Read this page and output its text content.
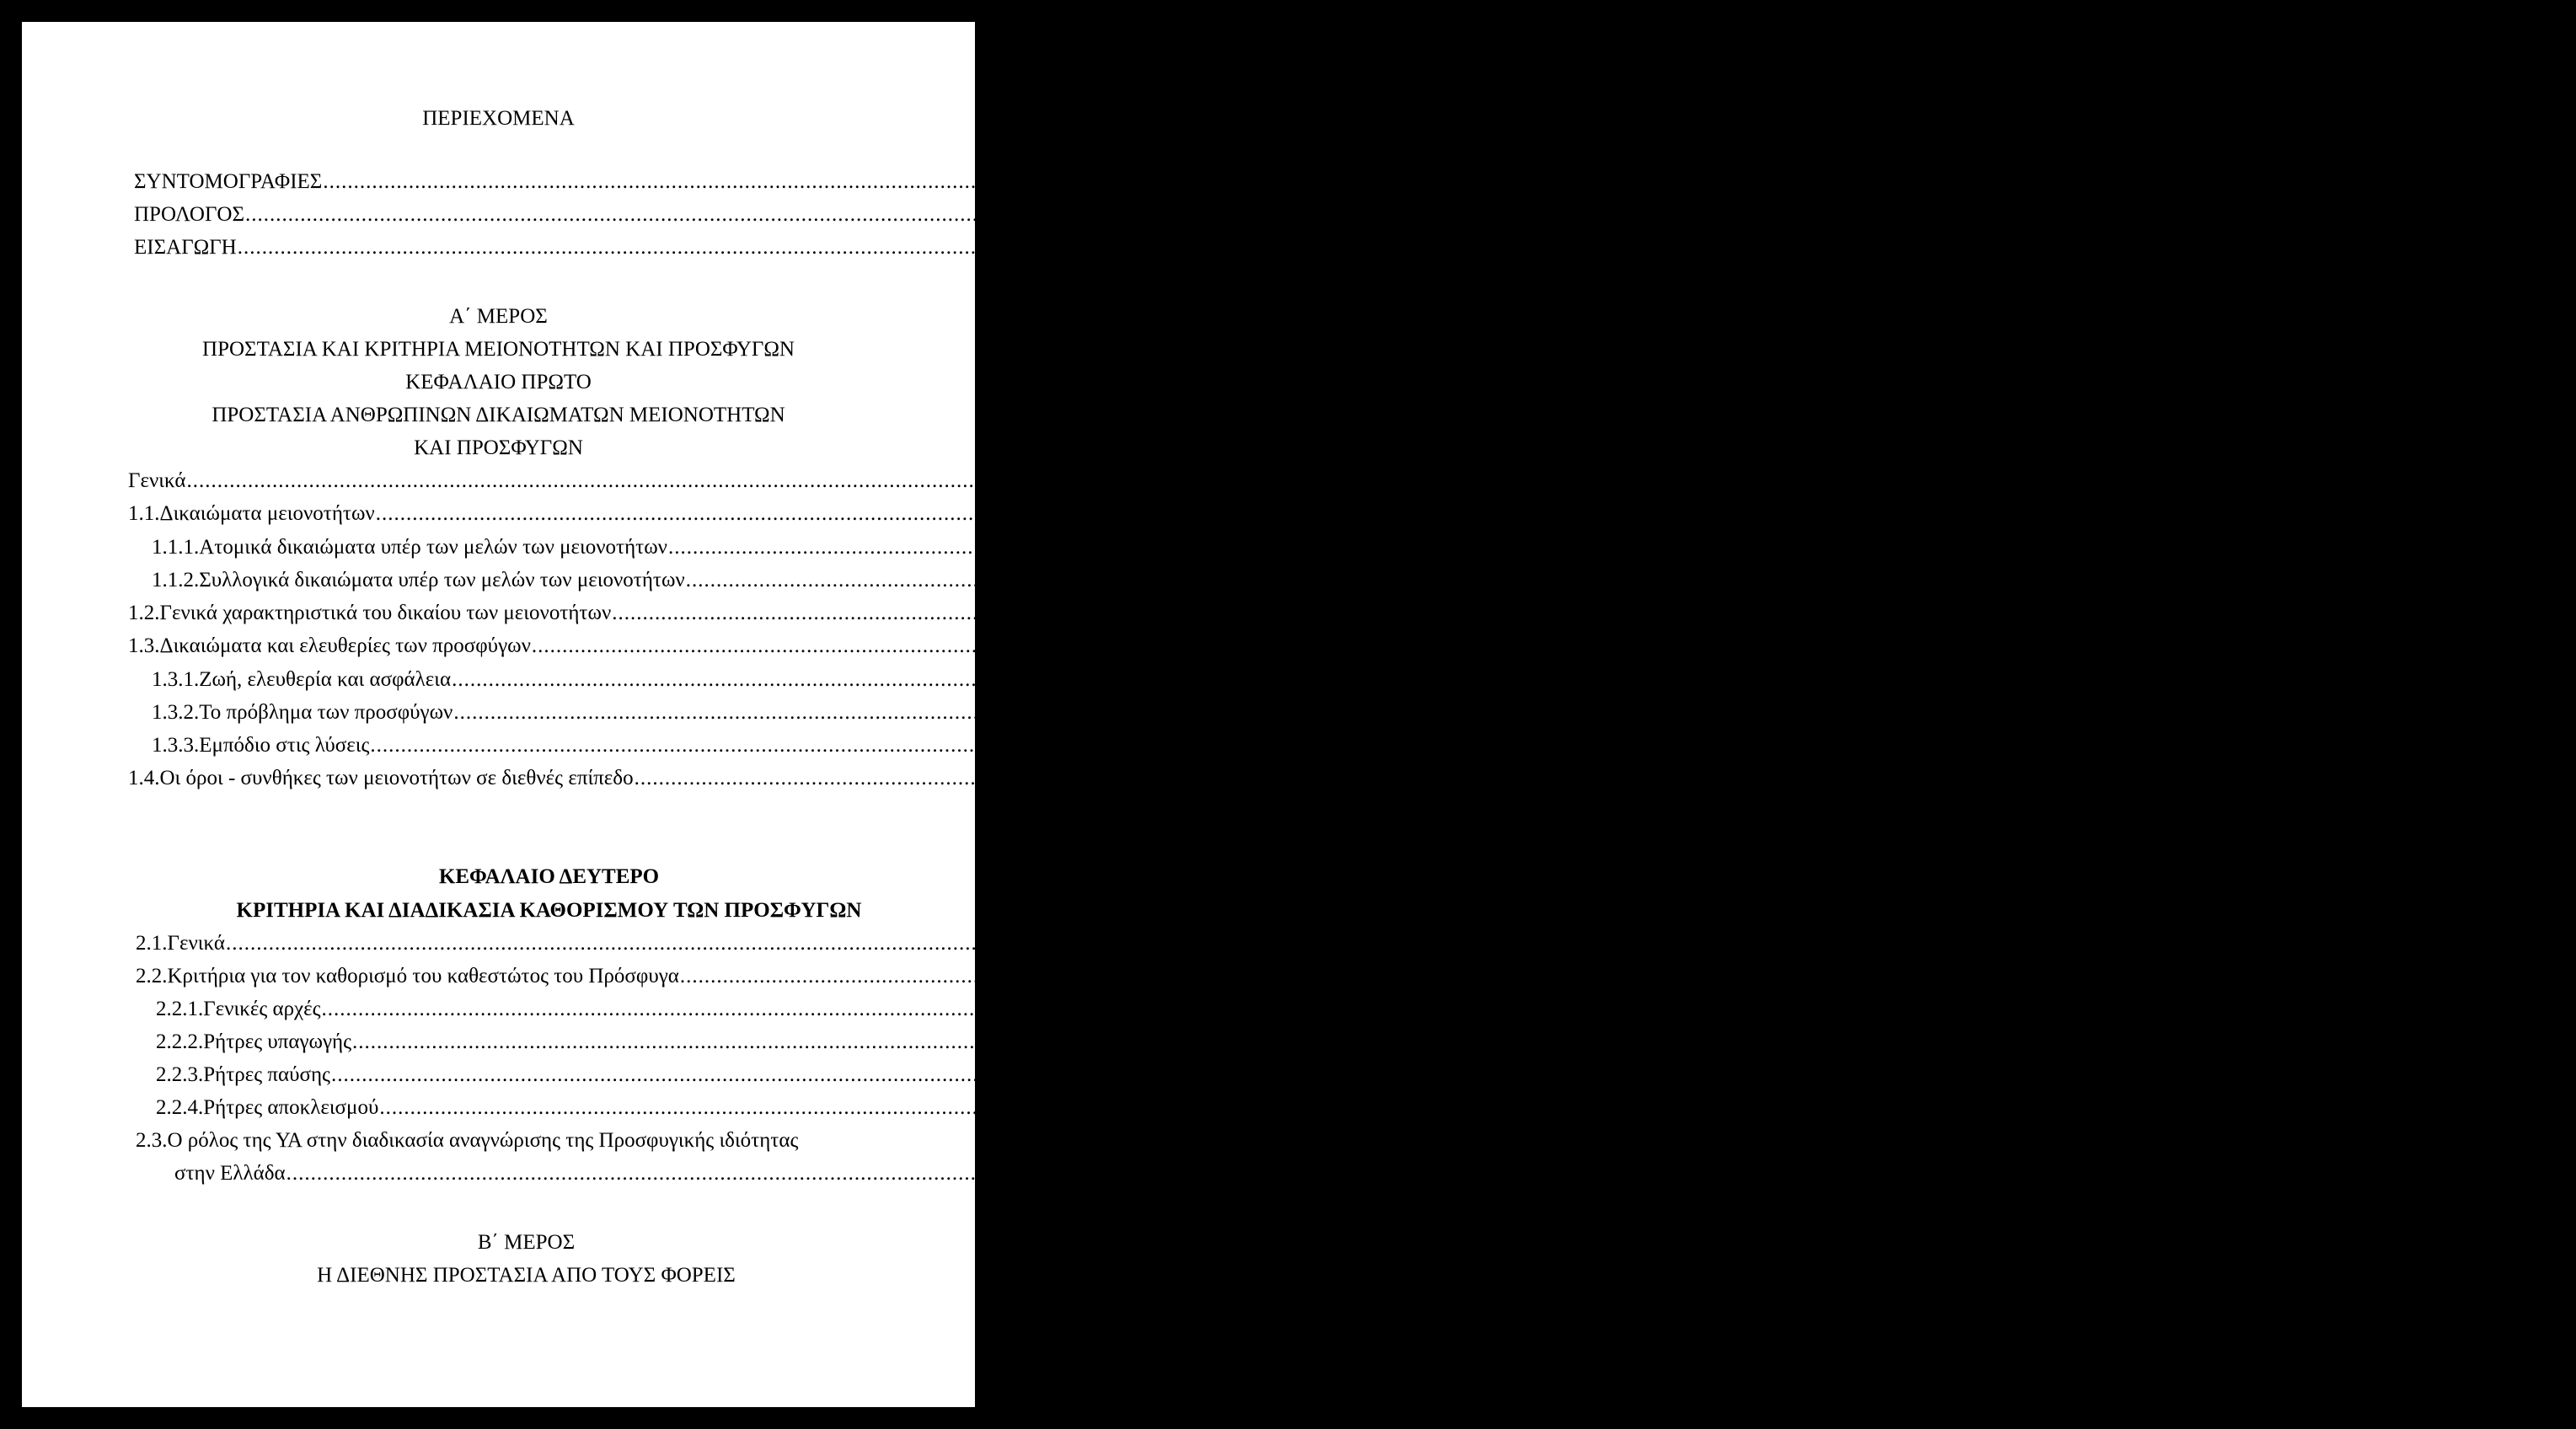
ΠΕΡΙΕΧΟΜΕΝΑ
ΣΥΝΤΟΜΟΓΡΑΦΙΕΣ ............................................................................................................................................................................................................................................................................................................ σελ.5
ΠΡΟΛΟΓΟΣ ............................................................................................................................................................................................................................................................................................................ σελ.6
ΕΙΣΑΓΩΓΗ ............................................................................................................................................................................................................................................................................................................ σελ.7
Α΄ ΜΕΡΟΣ
ΠΡΟΣΤΑΣΙΑ ΚΑΙ ΚΡΙΤΗΡΙΑ ΜΕΙΟΝΟΤΗΤΩΝ ΚΑΙ ΠΡΟΣΦΥΓΩΝ
ΚΕΦΑΛΑΙΟ ΠΡΩΤΟ
ΠΡΟΣΤΑΣΙΑ ΑΝΘΡΩΠΙΝΩΝ ΔΙΚΑΙΩΜΑΤΩΝ ΜΕΙΟΝΟΤΗΤΩΝ
ΚΑΙ ΠΡΟΣΦΥΓΩΝ
Γενικά ............................................................................................................................................................................................................................................................................................................ σελ.12
1.1.Δικαιώματα μειονοτήτων ............................................................................................................................................................................................................................................................................................................ σελ.12
1.1.1.Ατομικά δικαιώματα υπέρ των μελών των μειονοτήτων ............................................................................................................................................................................................................................................................................................................ σελ.13
1.1.2.Συλλογικά δικαιώματα υπέρ των μελών των μειονοτήτων ............................................................................................................................................................................................................................................................................................................ σελ.14
1.2.Γενικά χαρακτηριστικά του δικαίου των μειονοτήτων ............................................................................................................................................................................................................................................................................................................ σελ.15
1.3.Δικαιώματα και ελευθερίες των προσφύγων ............................................................................................................................................................................................................................................................................................................ σελ.16
1.3.1.Ζωή, ελευθερία και ασφάλεια ............................................................................................................................................................................................................................................................................................................ σελ.17
1.3.2.Το πρόβλημα των προσφύγων ............................................................................................................................................................................................................................................................................................................ σελ.18
1.3.3.Εμπόδιο στις λύσεις ............................................................................................................................................................................................................................................................................................................ σελ.18
1.4.Οι όροι - συνθήκες των μειονοτήτων σε διεθνές επίπεδο ............................................................................................................................................................................................................................................................................................................ σελ.19
ΚΕΦΑΛΑΙΟ ΔΕΥΤΕΡΟ
ΚΡΙΤΗΡΙΑ ΚΑΙ ΔΙΑΔΙΚΑΣΙΑ ΚΑΘΟΡΙΣΜΟΥ ΤΩΝ ΠΡΟΣΦΥΓΩΝ
2.1.Γενικά ............................................................................................................................................................................................................................................................................................................ σελ.21
2.2.Κριτήρια για τον καθορισμό του καθεστώτος του Πρόσφυγα ............................................................................................................................................................................................................................................................................................................ σελ.21
2.2.1.Γενικές αρχές ............................................................................................................................................................................................................................................................................................................ σελ.21
2.2.2.Ρήτρες υπαγωγής ............................................................................................................................................................................................................................................................................................................ σελ.22
2.2.3.Ρήτρες παύσης ............................................................................................................................................................................................................................................................................................................ σελ.24
2.2.4.Ρήτρες αποκλεισμού ............................................................................................................................................................................................................................................................................................................ σελ.26
2.3.Ο ρόλος της ΥΑ στην διαδικασία αναγνώρισης της Προσφυγικής ιδιότητας
στην Ελλάδα ............................................................................................................................................................................................................................................................................................................ σελ.27
Β΄ ΜΕΡΟΣ
Η ΔΙΕΘΝΗΣ ΠΡΟΣΤΑΣΙΑ ΑΠΟ ΤΟΥΣ ΦΟΡΕΙΣ
